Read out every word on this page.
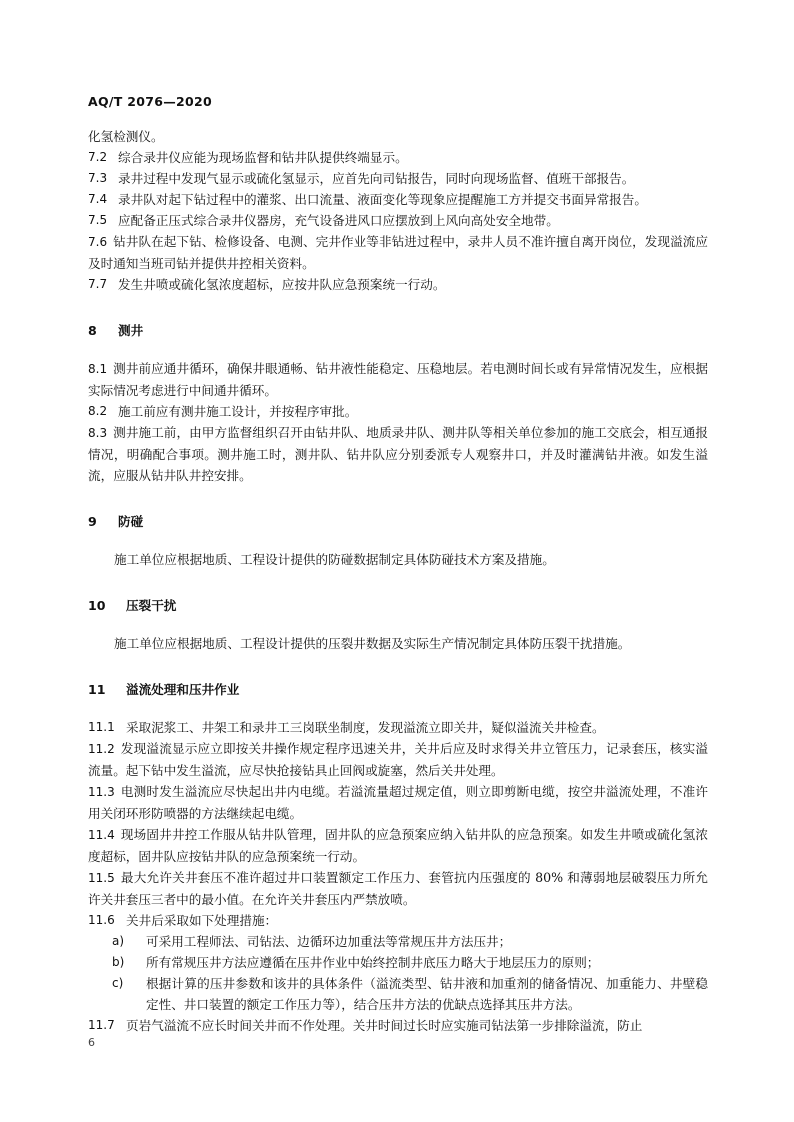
AQ/T 2076—2020

化氢检测仪。

7.2 综合录井仪应能为现场监督和钻井队提供终端显示。
7.3 录井过程中发现气显示或硫化氢显示，应首先向司钻报告，同时向现场监督、值班干部报告。
7.4 录井队对起下钻过程中的灌浆、出口流量、液面变化等现象应提醒施工方并提交书面异常报告。
7.5 应配备正压式综合录井仪器房，充气设备进风口应摆放到上风向高处安全地带。

7.6 钻井队在起下钻、检修设备、电测、完井作业等非钻进过程中，录井人员不准许擅自离开岗位，发现溢流应及时通知当班司钻并提供井控相关资料。

7.7 发生井喷或硫化氢浓度超标，应按井队应急预案统一行动。
8	测井

8.1 测井前应通井循环，确保井眼通畅、钻井液性能稳定、压稳地层。若电测时间长或有异常情况发生，应根据实际情况考虑进行中间通井循环。

8.2 施工前应有测井施工设计，并按程序审批。

8.3 测井施工前，由甲方监督组织召开由钻井队、地质录井队、测井队等相关单位参加的施工交底会，相互通报情况，明确配合事项。测井施工时，测井队、钻井队应分别委派专人观察井口，并及时灌满钻井液。如发生溢流，应服从钻井队井控安排。

9	防碰

施工单位应根据地质、工程设计提供的防碰数据制定具体防碰技术方案及措施。

10	压裂干扰

施工单位应根据地质、工程设计提供的压裂井数据及实际生产情况制定具体防压裂干扰措施。

11	溢流处理和压井作业
11.1 采取泥浆工、井架工和录井工三岗联坐制度，发现溢流立即关井，疑似溢流关井检查。

11.2 发现溢流显示应立即按关井操作规定程序迅速关井，关井后应及时求得关井立管压力，记录套压，核实溢流量。起下钻中发生溢流，应尽快抢接钻具止回阀或旋塞，然后关井处理。

11.3 电测时发生溢流应尽快起出井内电缆。若溢流量超过规定值，则立即剪断电缆，按空井溢流处理，不准许用关闭环形防喷器的方法继续起电缆。

11.4 现场固井井控工作服从钻井队管理，固井队的应急预案应纳入钻井队的应急预案。如发生井喷或硫化氢浓度超标，固井队应按钻井队的应急预案统一行动。

11.5 最大允许关井套压不准许超过井口装置额定工作压力、套管抗内压强度的 80% 和薄弱地层破裂压力所允许关井套压三者中的最小值。在允许关井套压内严禁放喷。

11.6 关井后采取如下处理措施：
a)	可采用工程师法、司钻法、边循环边加重法等常规压井方法压井；
b)	所有常规压井方法应遵循在压井作业中始终控制井底压力略大于地层压力的原则；
c)	根据计算的压井参数和该井的具体条件（溢流类型、钻井液和加重剂的储备情况、加重能力、井壁稳定性、井口装置的额定工作压力等），结合压井方法的优缺点选择其压井方法。
11.7 页岩气溢流不应长时间关井而不作处理。关井时间过长时应实施司钻法第一步排除溢流，防止
6
